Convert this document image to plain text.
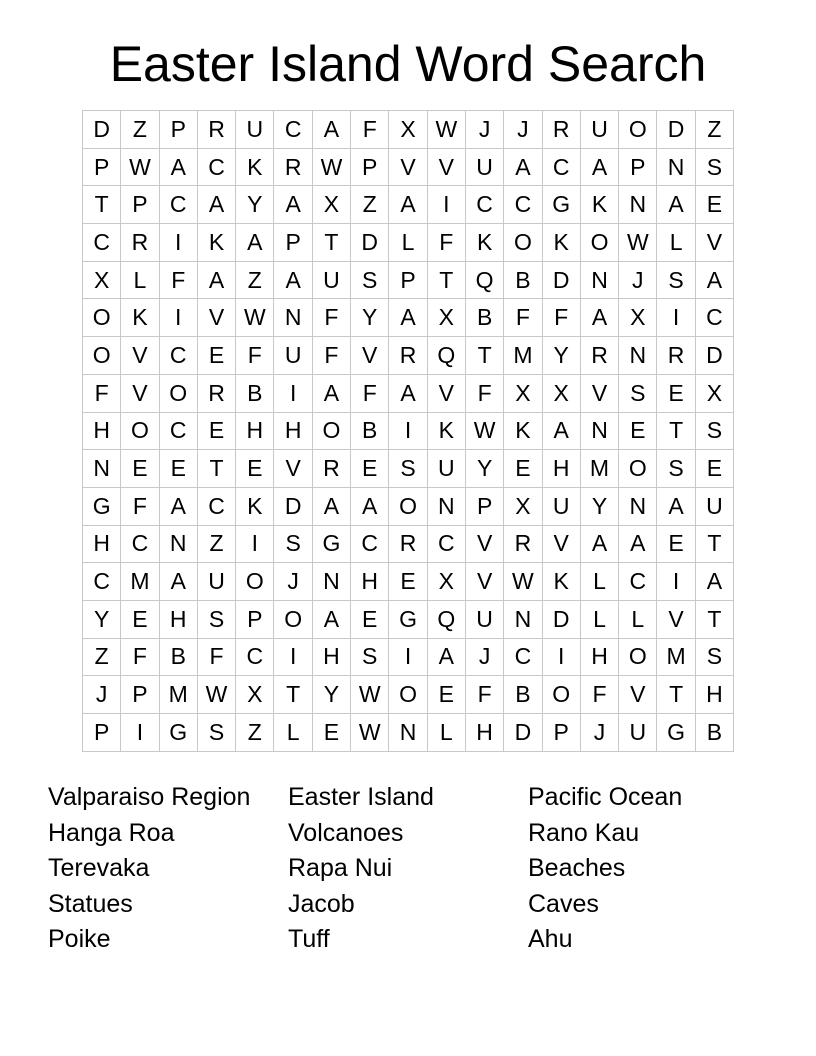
Easter Island Word Search
D	Z	P	R	U	C	A	F	X	W	J	J	R	U	O	D	Z
P	W	A	C	K	R	W	P	V	V	U	A	C	A	P	N	S
T	P	C	A	Y	A	X	Z	A	I	C	C	G	K	N	A	E
C	R	I	K	A	P	T	D	L	F	K	O	K	O	W	L	V
X	L	F	A	Z	A	U	S	P	T	Q	B	D	N	J	S	A
O	K	I	V	W	N	F	Y	A	X	B	F	F	A	X	I	C
O	V	C	E	F	U	F	V	R	Q	T	M	Y	R	N	R	D
F	V	O	R	B	I	A	F	A	V	F	X	X	V	S	E	X
H	O	C	E	H	H	O	B	I	K	W	K	A	N	E	T	S
N	E	E	T	E	V	R	E	S	U	Y	E	H	M	O	S	E
G	F	A	C	K	D	A	A	O	N	P	X	U	Y	N	A	U
H	C	N	Z	I	S	G	C	R	C	V	R	V	A	A	E	T
C	M	A	U	O	J	N	H	E	X	V	W	K	L	C	I	A
Y	E	H	S	P	O	A	E	G	Q	U	N	D	L	L	V	T
Z	F	B	F	C	I	H	S	I	A	J	C	I	H	O	M	S
J	P	M	W	X	T	Y	W	O	E	F	B	O	F	V	T	H
P	I	G	S	Z	L	E	W	N	L	H	D	P	J	U	G	B
Valparaiso Region	Easter Island	Pacific Ocean
Hanga Roa	Volcanoes	Rano Kau
Terevaka	Rapa Nui	Beaches
Statues	Jacob	Caves
Poike	Tuff	Ahu
